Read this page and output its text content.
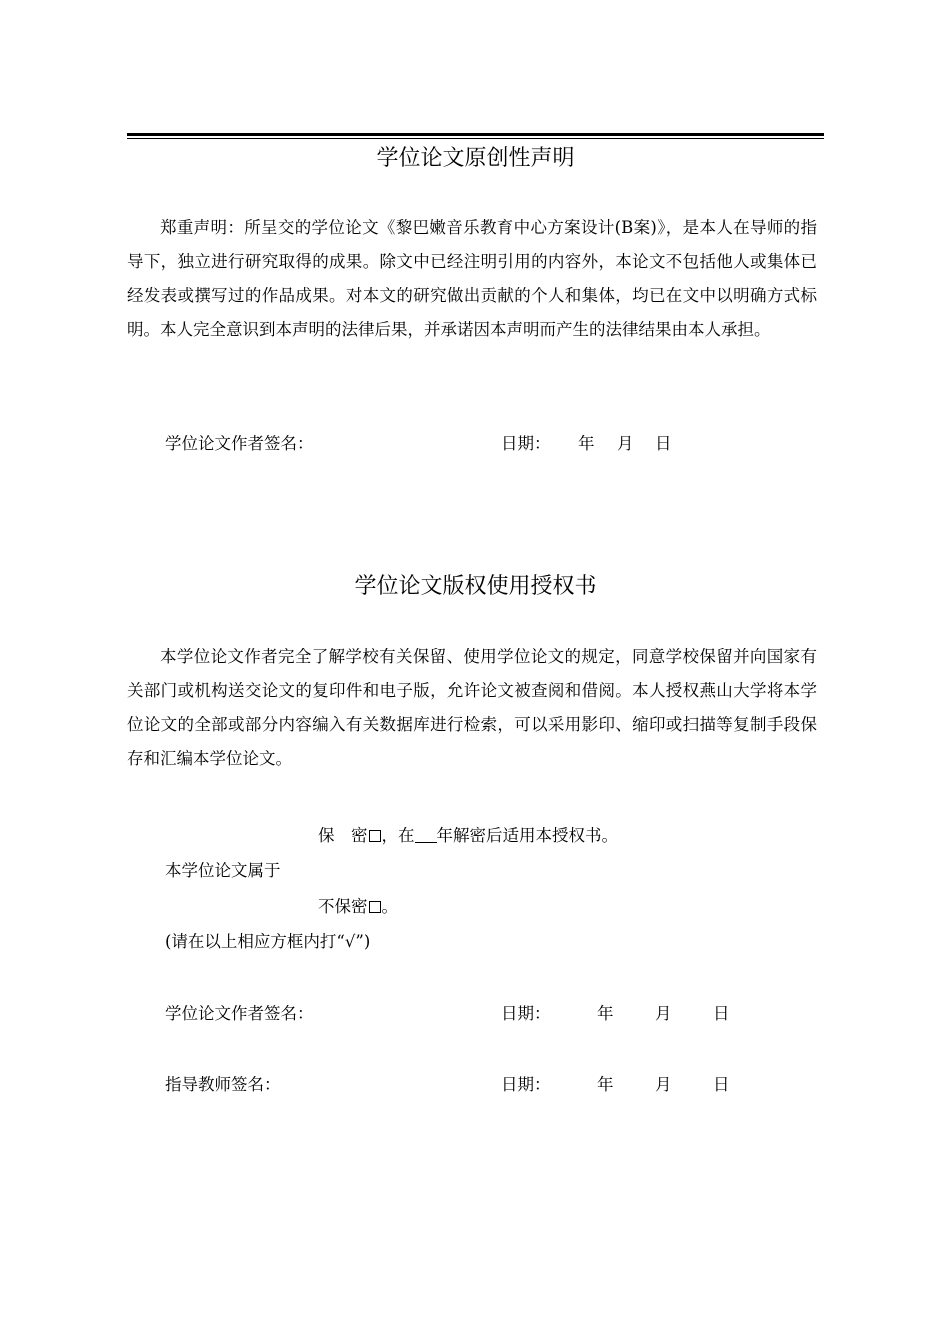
学位论文原创性声明

郑重声明：所呈交的学位论文《黎巴嫩音乐教育中心方案设计(B案)》，是本人在导师的指导下，独立进行研究取得的成果。除文中已经注明引用的内容外，本论文不包括他人或集体已经发表或撰写过的作品成果。对本文的研究做出贡献的个人和集体，均已在文中以明确方式标明。本人完全意识到本声明的法律后果，并承诺因本声明而产生的法律结果由本人承担。

学位论文作者签名：	日期： 年 月 日
学位论文版权使用授权书

本学位论文作者完全了解学校有关保留、使用学位论文的规定，同意学校保留并向国家有关部门或机构送交论文的复印件和电子版，允许论文被查阅和借阅。本人授权燕山大学将本学位论文的全部或部分内容编入有关数据库进行检索，可以采用影印、缩印或扫描等复制手段保存和汇编本学位论文。

保　密 ，在 年解密后适用本授权书。
本学位论文属于
不保密 。
(请在以上相应方框内打“√”)
学位论文作者签名：	日期：	年	月	日
指导教师签名：	日期：	年	月	日
